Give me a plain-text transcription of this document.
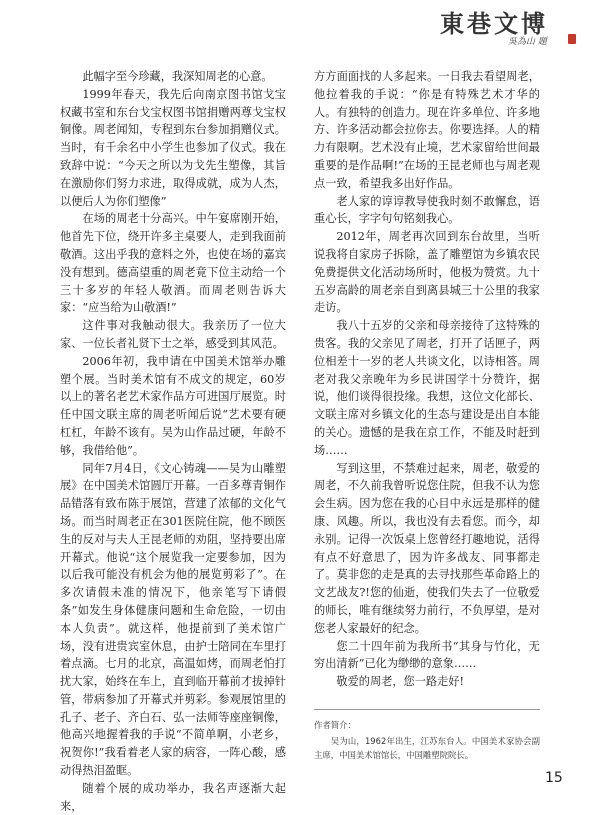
東巷文博
吳為山 題

此幅字至今珍藏，我深知周老的心意。

1999年春天，我先后向南京图书馆戈宝权藏书室和东台戈宝权图书馆捐赠两尊戈宝权铜像。周老闻知，专程到东台参加捐赠仪式。当时，有千余名中小学生也参加了仪式。我在致辞中说：“今天之所以为戈先生塑像，其旨在激励你们努力求进，取得成就，成为人杰，以便后人为你们塑像”

在场的周老十分高兴。中午宴席刚开始，他首先下位，绕开许多主桌要人，走到我面前敬酒。这出乎我的意料之外，也使在场的嘉宾没有想到。德高望重的周老竟下位主动给一个三十多岁的年轻人敬酒。而周老则告诉大家：“应当给为山敬酒!”

这件事对我触动很大。我亲历了一位大家、一位长者礼贤下士之举，感受到其风范。

2006年初，我申请在中国美术馆举办雕塑个展。当时美术馆有不成文的规定，60岁以上的著名老艺术家作品方可进国厅展览。时任中国文联主席的周老听闻后说“艺术要有硬杠杠，年龄不该有。吴为山作品过硬，年龄不够，我借给他”。

同年7月4日，《文心铸魂——吴为山雕塑展》在中国美术馆圆厅开幕。一百多尊青铜作品错落有致布陈于展馆，营建了浓郁的文化气场。而当时周老正在301医院住院，他不顾医生的反对与夫人王昆老师的劝阻，坚持要出席开幕式。他说“这个展览我一定要参加，因为以后我可能没有机会为他的展览剪彩了”。在多次请假未准的情况下，他亲笔写下请假条”如发生身体健康问题和生命危险，一切由本人负责”。就这样，他提前到了美术馆广场，没有进贵宾室休息，由护士陪同在车里打着点滴。七月的北京，高温如烤，而周老怕打扰大家，始终在车上，直到临开幕前才拔掉针管，带病参加了开幕式并剪彩。参观展馆里的孔子、老子、齐白石、弘一法师等座座铜像，他高兴地握着我的手说“不简单啊，小老乡，祝贺你!”我看着老人家的病容，一阵心酸，感动得热泪盈眶。

随着个展的成功举办，我名声逐渐大起来，

方方面面找的人多起来。一日我去看望周老，他拉着我的手说：“你是有特殊艺术才华的人。有独特的创造力。现在许多单位、许多地方、许多活动都会拉你去。你要选择。人的精力有限啊。艺术没有止境，艺术家留给世间最重要的是作品啊!”在场的王昆老师也与周老观点一致，希望我多出好作品。

老人家的谆谆教导使我时刻不敢懈怠，语重心长，字字句句铭刻我心。

2012年，周老再次回到东台故里，当听说我将自家房子拆除，盖了雕塑馆为乡镇农民免费提供文化活动场所时，他极为赞赏。九十五岁高龄的周老亲自到离县城三十公里的我家走访。

我八十五岁的父亲和母亲接待了这特殊的贵客。我的父亲见了周老，打开了话匣子，两位相差十一岁的老人共谈文化，以诗相答。周老对我父亲晚年为乡民讲国学十分赞许，据说，他们谈得很投缘。我想，这位文化部长、文联主席对乡镇文化的生态与建设是出自本能的关心。遗憾的是我在京工作，不能及时赶到场……

写到这里，不禁难过起来，周老，敬爱的周老，不久前我曾听说您住院，但我不认为您会生病。因为您在我的心目中永远是那样的健康、风趣。所以，我也没有去看您。而今，却永别。记得一次饭桌上您曾经打趣地说，活得有点不好意思了，因为许多战友、同事都走了。莫非您的走是真的去寻找那些革命路上的文艺战友?!您的仙逝，使我们失去了一位敬爱的师长，唯有继续努力前行，不负厚望，是对您老人家最好的纪念。

您二十四年前为我所书“其身与竹化，无穷出清新”已化为缈缈的意象……

敬爱的周老，您一路走好!

作者简介：
吴为山，1962年出生，江苏东台人。中国美术家协会副主席，中国美术馆馆长，中国雕塑院院长。
15
